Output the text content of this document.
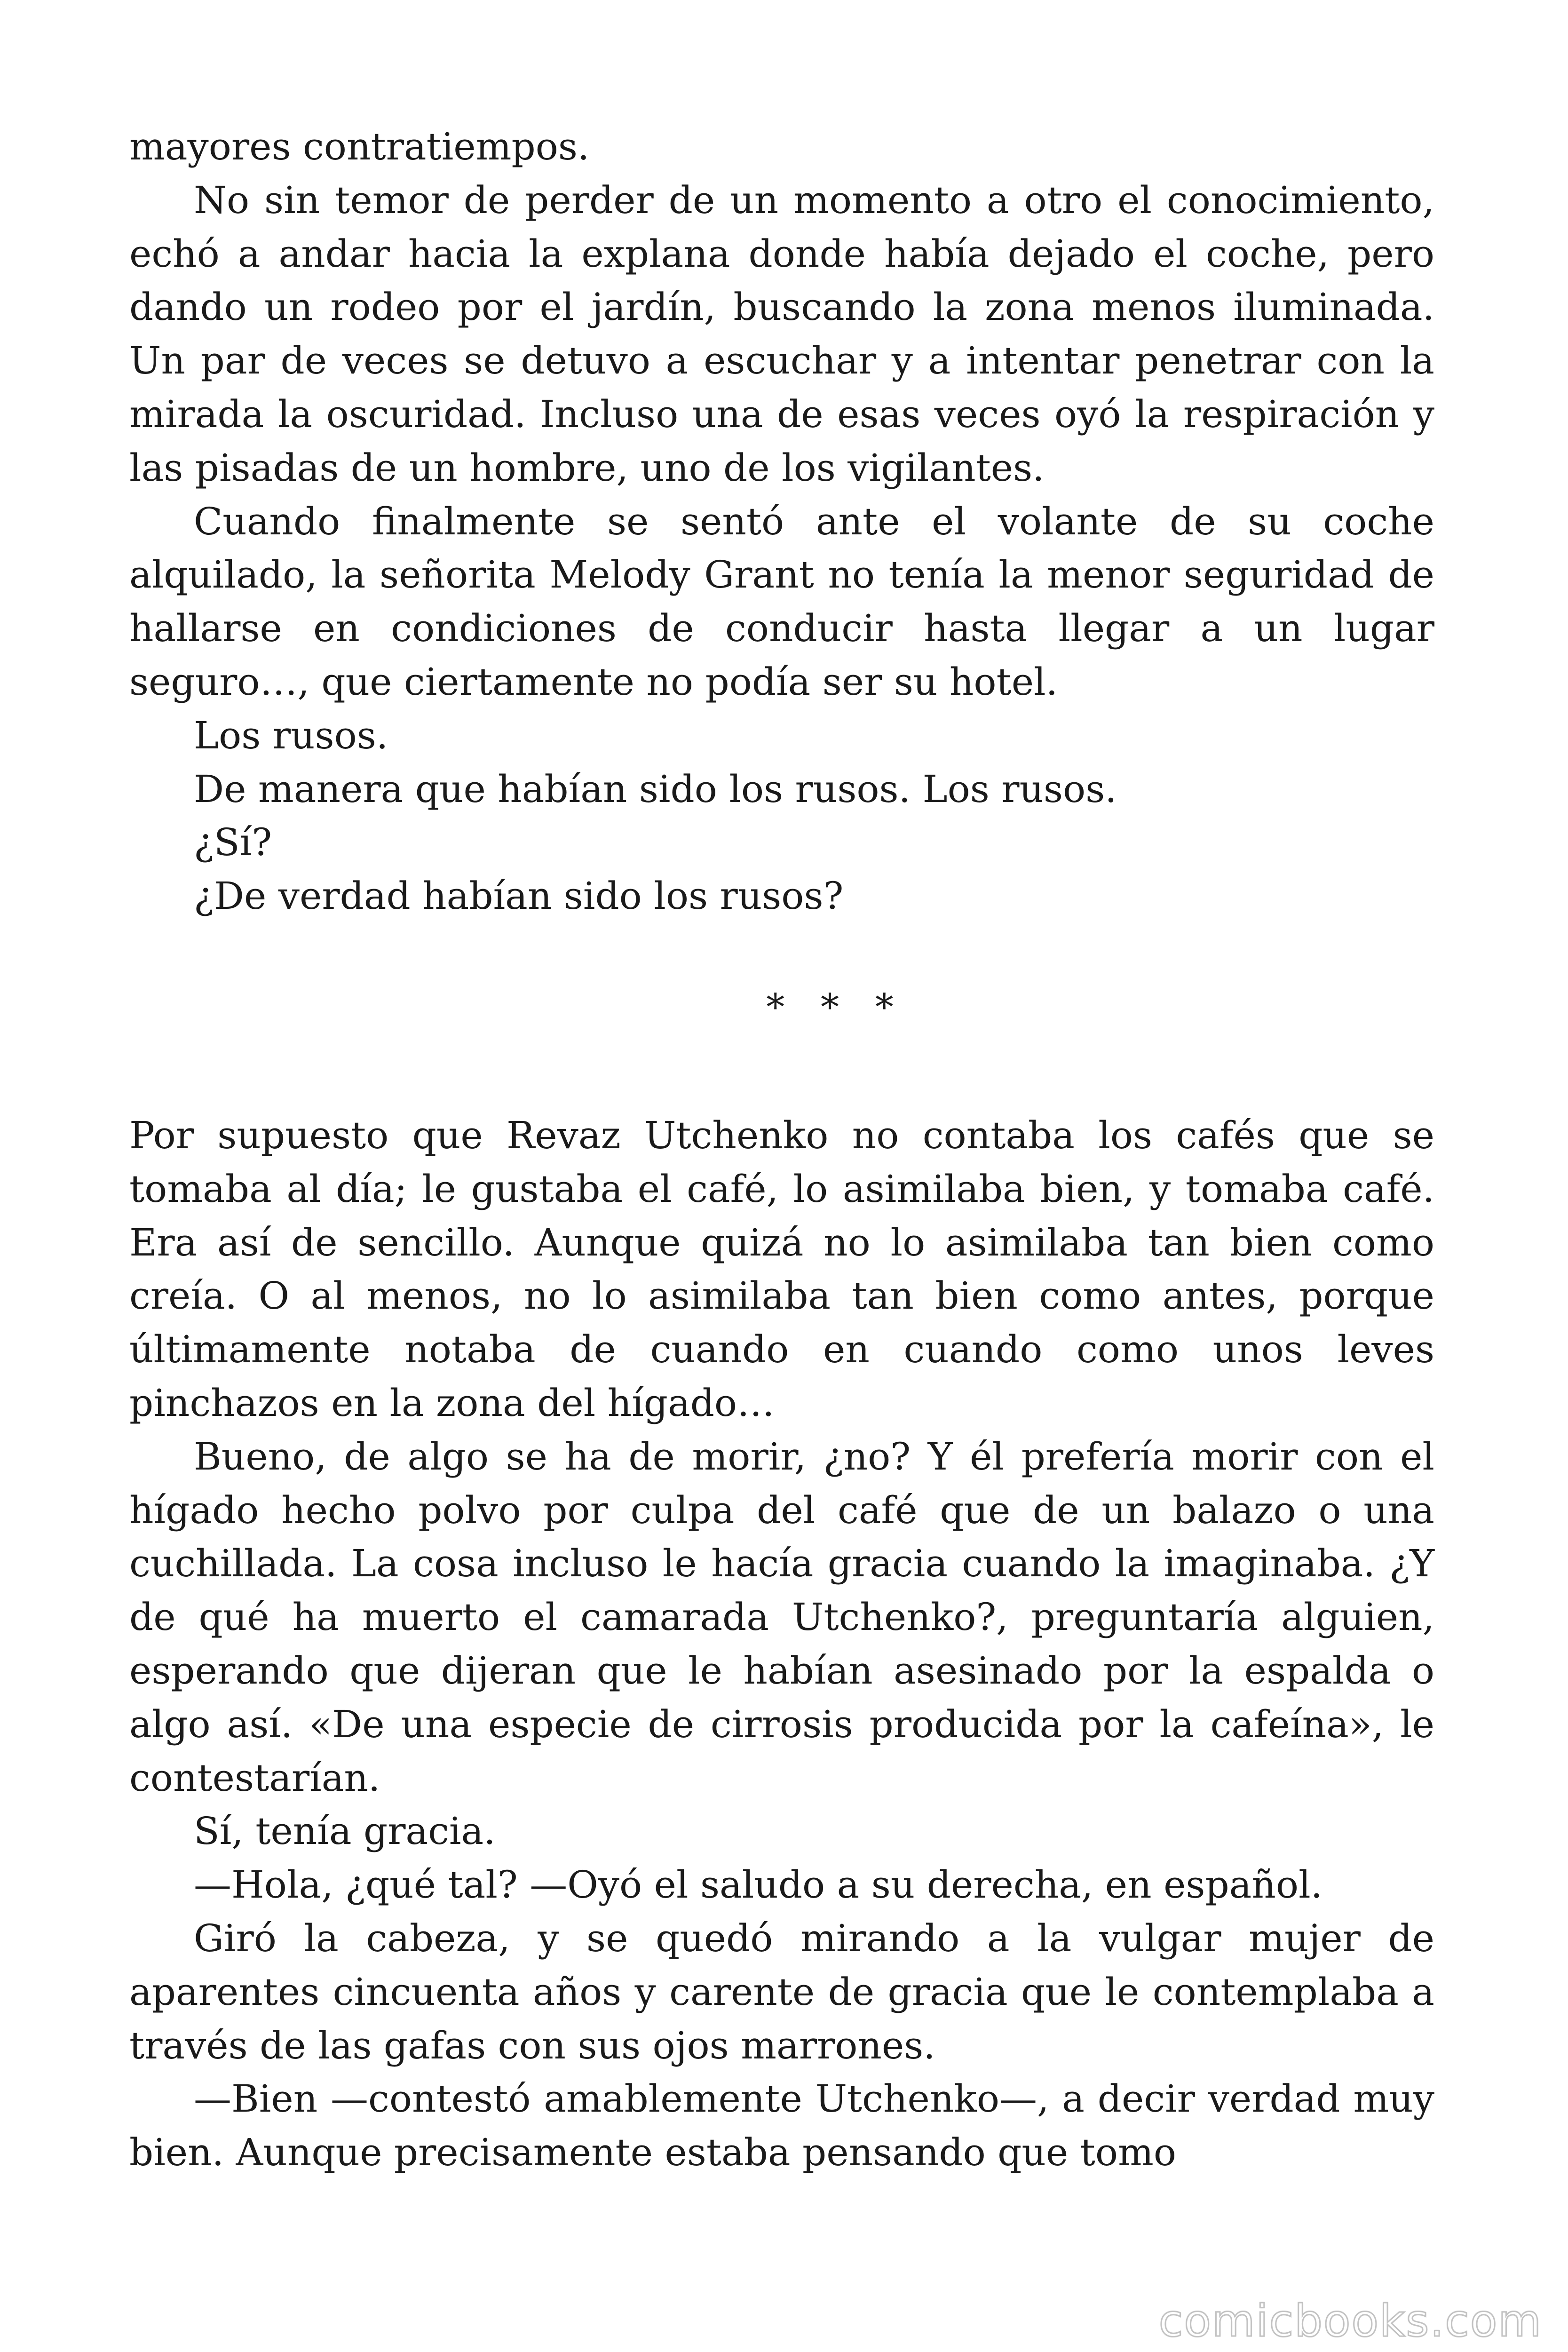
mayores contratiempos.

No sin temor de perder de un momento a otro el conocimiento, echó a andar hacia la explana donde había dejado el coche, pero dando un rodeo por el jardín, buscando la zona menos iluminada. Un par de veces se detuvo a escuchar y a intentar penetrar con la mirada la oscuridad. Incluso una de esas veces oyó la respiración y las pisadas de un hombre, uno de los vigilantes.

Cuando finalmente se sentó ante el volante de su coche alquilado, la señorita Melody Grant no tenía la menor seguridad de hallarse en condiciones de conducir hasta llegar a un lugar seguro…, que ciertamente no podía ser su hotel.

Los rusos.

De manera que habían sido los rusos. Los rusos.

¿Sí?

¿De verdad habían sido los rusos?

* * *

Por supuesto que Revaz Utchenko no contaba los cafés que se tomaba al día; le gustaba el café, lo asimilaba bien, y tomaba café. Era así de sencillo. Aunque quizá no lo asimilaba tan bien como creía. O al menos, no lo asimilaba tan bien como antes, porque últimamente notaba de cuando en cuando como unos leves pinchazos en la zona del hígado…

Bueno, de algo se ha de morir, ¿no? Y él prefería morir con el hígado hecho polvo por culpa del café que de un balazo o una cuchillada. La cosa incluso le hacía gracia cuando la imaginaba. ¿Y de qué ha muerto el camarada Utchenko?, preguntaría alguien, esperando que dijeran que le habían asesinado por la espalda o algo así. «De una especie de cirrosis producida por la cafeína», le contestarían.

Sí, tenía gracia.

—Hola, ¿qué tal? —Oyó el saludo a su derecha, en español.

Giró la cabeza, y se quedó mirando a la vulgar mujer de aparentes cincuenta años y carente de gracia que le contemplaba a través de las gafas con sus ojos marrones.

—Bien —contestó amablemente Utchenko—, a decir verdad muy bien. Aunque precisamente estaba pensando que tomo

comicbooks.com
